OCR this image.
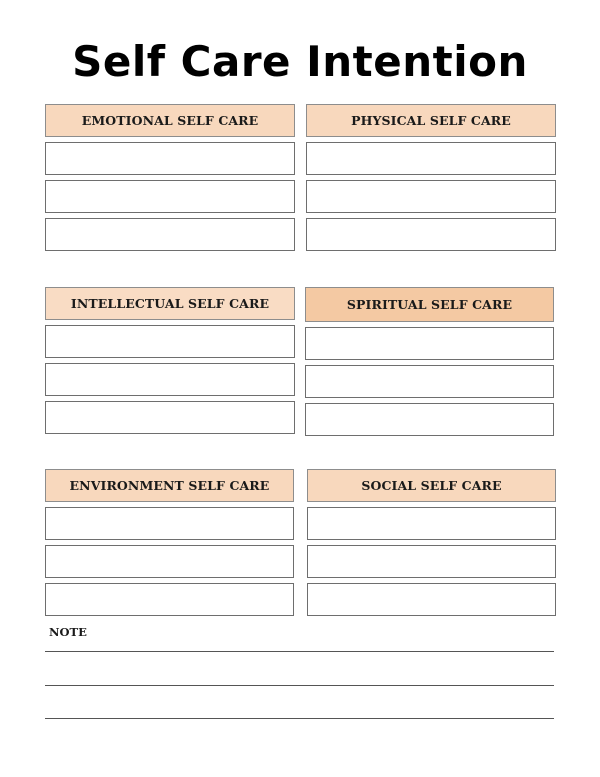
Self Care Intention
EMOTIONAL SELF CARE	PHYSICAL SELF CARE
INTELLECTUAL SELF CARE	SPIRITUAL SELF CARE
ENVIRONMENT SELF CARE	SOCIAL SELF CARE
NOTE
